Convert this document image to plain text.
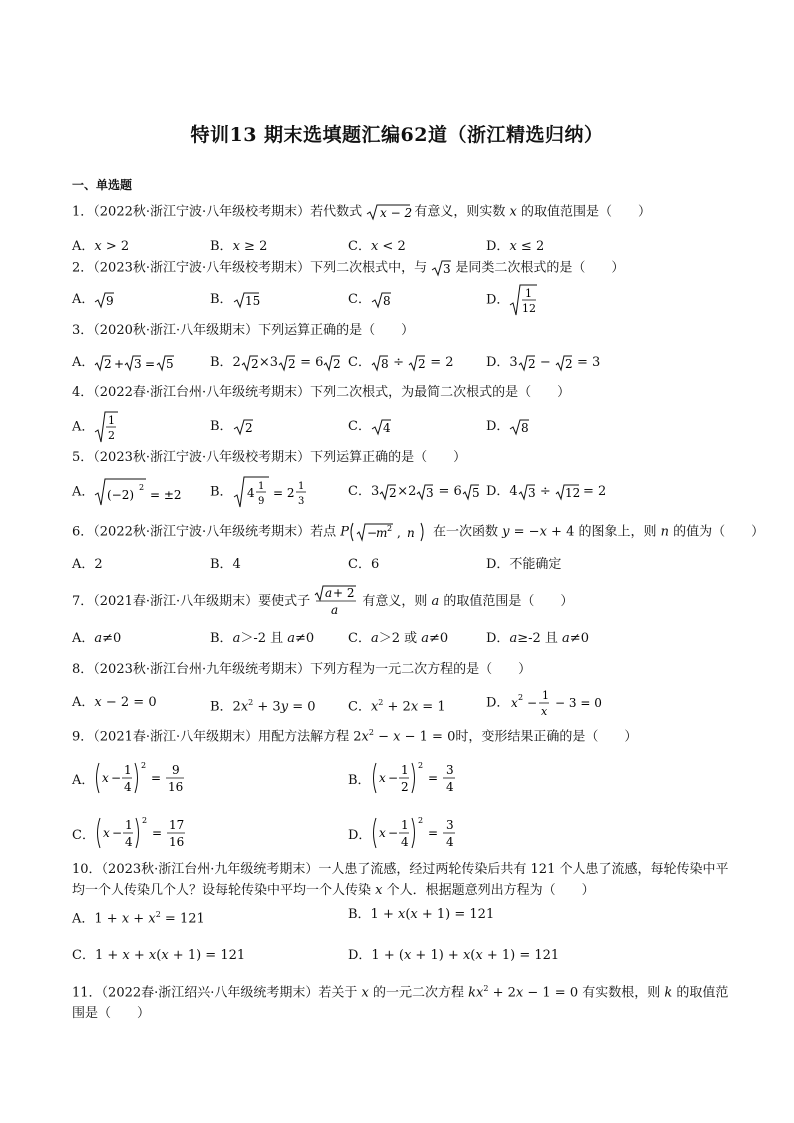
特训13 期末选填题汇编62道（浙江精选归纳）
一、单选题
1．（2022秋·浙江宁波·八年级校考期末）若代数式 x − 2
有意义，则实数 x 的取值范围是（　　）
A．x > 2	B．x ≥ 2	C．x < 2	D．x ≤ 2
2．（2023秋·浙江宁波·八年级校考期末）下列二次根式中，与 3 是同类二次根式的是（　　）
A． 9	B． 15	C． 8	D． 1
12
3．（2020秋·浙江·八年级期末）下列运算正确的是（　　）
A． 2 + 3 = 5	B．2 2 ×3 2 = 6 2 C． 8 ÷ 2 = 2 D．3 2 − 2 = 3
4．（2022春·浙江台州·八年级统考期末）下列二次根式，为最简二次根式的是（　　）
A． 1
2
B． 2	C． 4	D． 8
5．（2023秋·浙江宁波·八年级校考期末）下列运算正确的是（　　）
A． (−2)2= ±2 B． 4 1 9
= 2 1 3
C．3 2 ×2 3 = 6 5 D．4 3 ÷ 12
= 2
6．（2022秋·浙江宁波·八年级统考期末）若点 P −m2 , n 在一次函数 y = −x + 4 的图象上，则 n 的值为（　　）
A．2	B．4	C．6	D．不能确定
7．（2021春·浙江·八年级期末）要使式子
a+ 2
a
有意义，则 a 的取值范围是（　　）
A．a≠0	B．a＞-2 且 a≠0	C．a＞2 或 a≠0	D．a≥-2 且 a≠0
8．（2023秋·浙江台州·九年级统考期末）下列方程为一元二次方程的是（　　）
A．x − 2 = 0	B．$2x^2 + 3y = 0$	C．$x^2 + 2x = 1$	D． x2 −
1 x
− 3 = 0
9．（2021春·浙江·八年级期末）用配方法解方程 $2x^2 - x - 1 = 0$时，变形结果正确的是（　　）
A． x −1 4
2
=
9 16	B． x −1 2
2
=
3 4
C． x −1 4
2
=
17 16	D． x −1 4
2
=
3 4
10．（2023秋·浙江台州·九年级统考期末）一人患了流感，经过两轮传染后共有 121 个人患了流感，每轮传染中平均一个人传染几个人？设每轮传染中平均一个人传染 x 个人．根据题意列出方程为（　　）
A．$1 + x + x^2 = 121$	B．1 + x(x + 1) = 121
C．1 + x + x(x + 1) = 121	D．1 + (x + 1) + x(x + 1) = 121
11．（2022春·浙江绍兴·八年级统考期末）若关于 x 的一元二次方程 $kx^2 + 2x - 1 = 0$ 有实数根，则 k 的取值范围是（　　）
